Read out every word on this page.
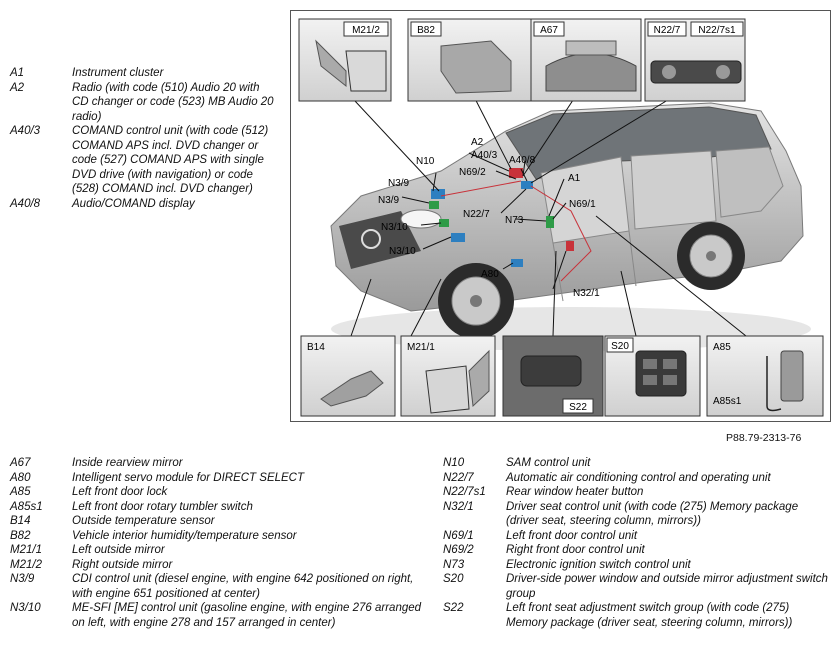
A1	Instrument cluster
A2	Radio (with code (510) Audio 20 with CD changer or code (523) MB Audio 20 radio)
A40/3	COMAND control unit (with code (512) COMAND APS incl. DVD changer or code (527) COMAND APS with single DVD drive (with navigation) or code (528) COMAND incl. DVD changer)
A40/8	Audio/COMAND display
A67	Inside rearview mirror
A80	Intelligent servo module for DIRECT SELECT
A85	Left front door lock
A85s1	Left front door rotary tumbler switch
B14	Outside temperature sensor
B82	Vehicle interior humidity/temperature sensor
M21/1	Left outside mirror
M21/2	Right outside mirror
N3/9	CDI control unit (diesel engine, with engine 642 positioned on right, with engine 651 positioned at center)
N3/10	ME-SFI [ME] control unit (gasoline engine, with engine 276 arranged on left, with engine 278 and 157 arranged in center)
N10	SAM control unit
N22/7	Automatic air conditioning control and operating unit
N22/7s1	Rear window heater button
N32/1	Driver seat control unit (with code (275) Memory package (driver seat, steering column, mirrors))
N69/1	Left front door control unit
N69/2	Right front door control unit
N73	Electronic ignition switch control unit
S20	Driver-side power window and outside mirror adjustment switch group
S22	Left front seat adjustment switch group (with code (275) Memory package (driver seat, steering column, mirrors))
P88.79-2313-76
M21/2	B82	A67	N22/7 N22/7s1
A2
A40/3 A40/8
N10
N69/2
N3/9
N3/9
N3/10
N3/10
A1
N22/7
N73
N69/1
A80
N32/1
B14	M21/1
S22
S20	A85
A85s1
